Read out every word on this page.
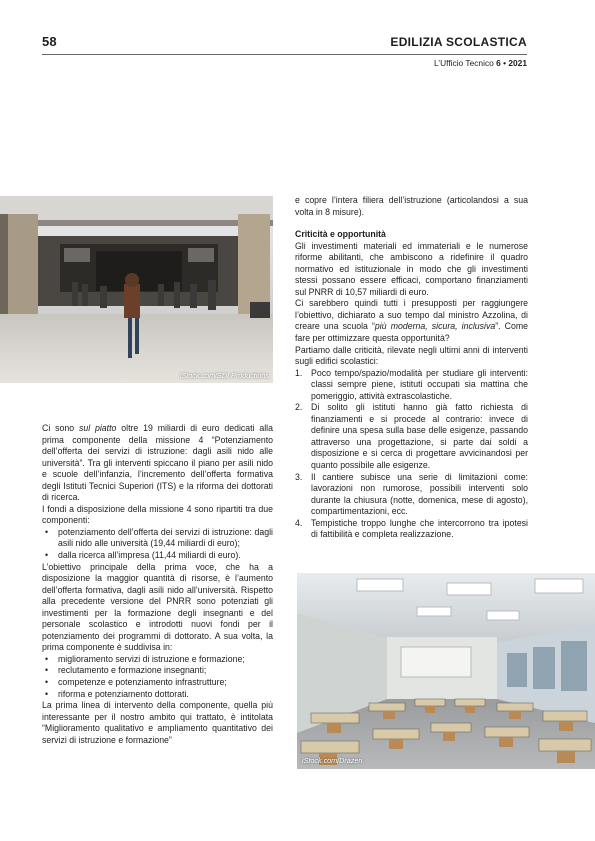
58	EDILIZIA SCOLASTICA
L’Ufficio Tecnico 6 • 2021
iStock.com/SDI Productions

Ci sono sul piatto oltre 19 miliardi di euro dedicati alla prima componente della missione 4 “Potenziamento dell’offerta dei servizi di istruzione: dagli asili nido alle università”. Tra gli interventi spiccano il piano per asili nido e scuole dell’infanzia, l’incremento dell’offerta formativa degli Istituti Tecnici Superiori (ITS) e la riforma dei dottorati di ricerca.

I fondi a disposizione della missione 4 sono ripartiti tra due componenti:

• potenziamento dell’offerta dei servizi di istruzione: dagli asili nido alle università (19,44 miliardi di euro);

• dalla ricerca all’impresa (11,44 miliardi di euro).

L’obiettivo principale della prima voce, che ha a disposizione la maggior quantità di risorse, è l’aumento dell’offerta formativa, dagli asili nido all’università. Rispetto alla precedente versione del PNRR sono potenziati gli investimenti per la formazione degli insegnanti e del personale scolastico e introdotti nuovi fondi per il potenziamento dei programmi di dottorato. A sua volta, la prima componente è suddivisa in:

• miglioramento servizi di istruzione e formazione;

• reclutamento e formazione insegnanti;

• competenze e potenziamento infrastrutture;

• riforma e potenziamento dottorati.

La prima linea di intervento della componente, quella più interessante per il nostro ambito qui trattato, è intitolata “Miglioramento qualitativo e ampliamento quantitativo dei servizi di istruzione e formazione”

e copre l’intera filiera dell’istruzione (articolandosi a sua volta in 8 misure).

Criticità e opportunità

Gli investimenti materiali ed immateriali e le numerose riforme abilitanti, che ambiscono a ridefinire il quadro normativo ed istituzionale in modo che gli investimenti stessi possano essere efficaci, comportano finanziamenti sul PNRR di 10,57 miliardi di euro.

Ci sarebbero quindi tutti i presupposti per raggiungere l’obiettivo, dichiarato a suo tempo dal ministro Azzolina, di creare una scuola “più moderna, sicura, inclusiva”. Come fare per ottimizzare questa opportunità?

Partiamo dalle criticità, rilevate negli ultimi anni di interventi sugli edifici scolastici:

1. Poco tempo/spazio/modalità per studiare gli interventi: classi sempre piene, istituti occupati sia mattina che pomeriggio, attività extrascolastiche.

2. Di solito gli istituti hanno già fatto richiesta di finanziamenti e si procede al contrario: invece di definire una spesa sulla base delle esigenze, passando attraverso una progettazione, si parte dai soldi a disposizione e si cerca di progettare avvicinandosi per quanto possibile alle esigenze.

3. Il cantiere subisce una serie di limitazioni come: lavorazioni non rumorose, possibili interventi solo durante la chiusura (notte, domenica, mese di agosto), compartimentazioni, ecc.

4. Tempistiche troppo lunghe che intercorrono tra ipotesi di fattibilità e completa realizzazione.

iStock.com/Drazen
